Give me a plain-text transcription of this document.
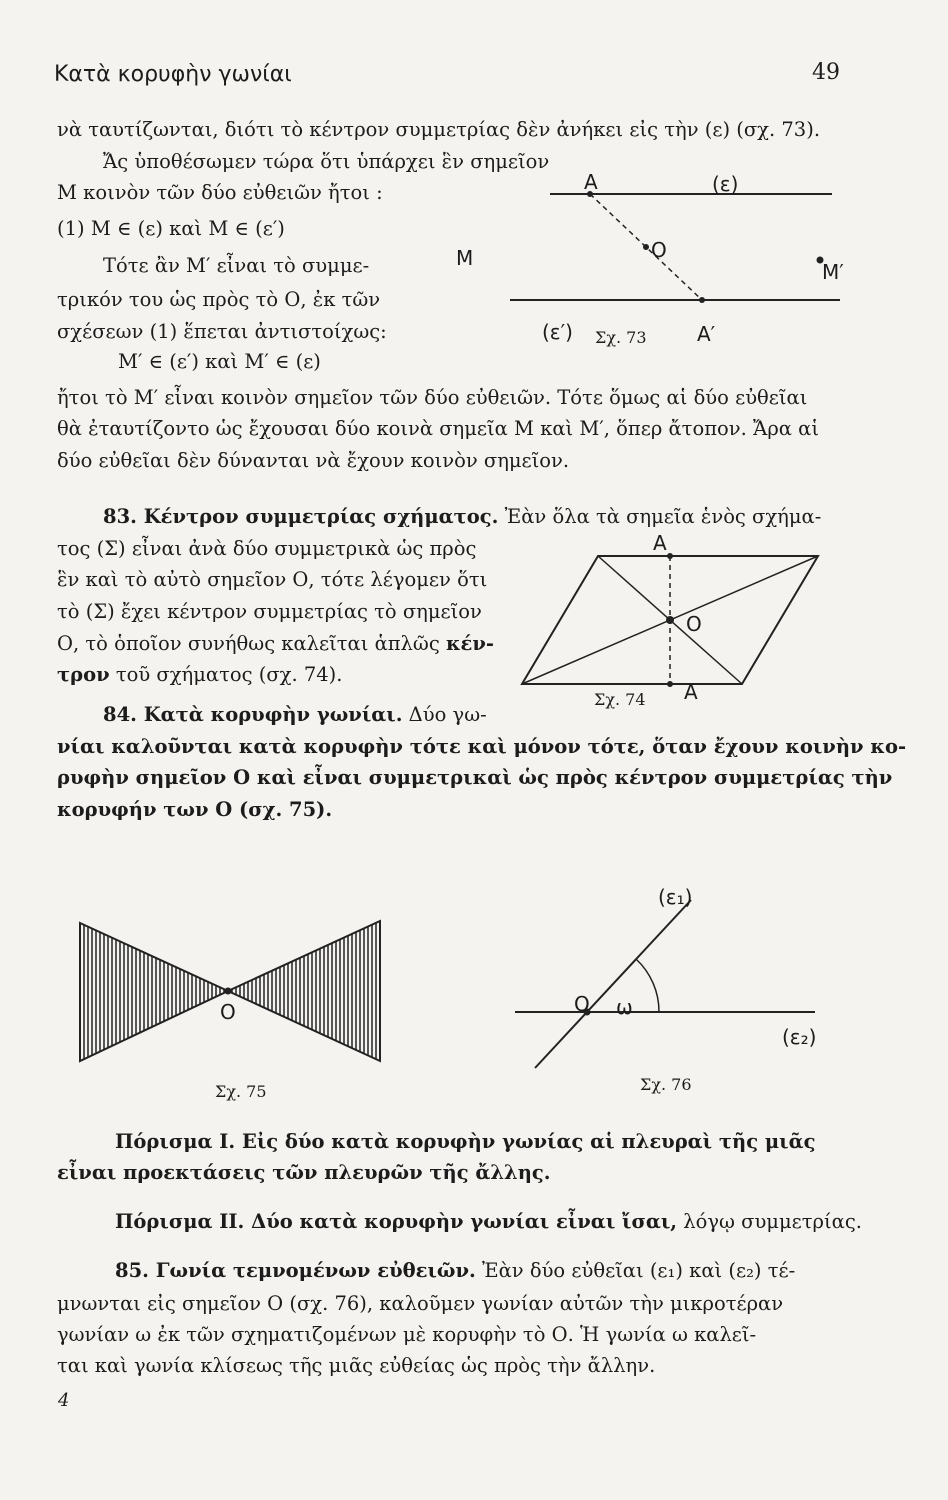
Κατὰ κορυφὴν γωνίαι	49
νὰ ταυτίζωνται, διότι τὸ κέντρον συμμετρίας δὲν ἀνήκει εἰς τὴν (ε) (σχ. 73).
Ἄς ὑποθέσωμεν τώρα ὅτι ὑπάρχει ἓν σημεῖον
Μ κοινὸν τῶν δύο εὐθειῶν ἤτοι :
(1) Μ ∈ (ε) καὶ Μ ∈ (ε′)
Τότε ἂν Μ′ εἶναι τὸ συμμε-
τρικόν του ὡς πρὸς τὸ Ο, ἐκ τῶν
σχέσεων (1) ἕπεται ἀντιστοίχως:
Μ′ ∈ (ε′) καὶ Μ′ ∈ (ε)
ἤτοι τὸ Μ′ εἶναι κοινὸν σημεῖον τῶν δύο εὐθειῶν. Τότε ὅμως αἱ δύο εὐθεῖαι
θὰ ἐταυτίζοντο ὡς ἔχουσαι δύο κοινὰ σημεῖα Μ καὶ Μ′, ὅπερ ἄτοπον. Ἄρα αἱ
δύο εὐθεῖαι δὲν δύνανται νὰ ἔχουν κοινὸν σημεῖον.
A	(ε)
M	O
M′
(ε′) Σχ. 73	A′
83. Κέντρον συμμετρίας σχήματος. Ἐὰν ὅλα τὰ σημεῖα ἑνὸς σχήμα-
τος (Σ) εἶναι ἀνὰ δύο συμμετρικὰ ὡς πρὸς
ἓν καὶ τὸ αὐτὸ σημεῖον Ο, τότε λέγομεν ὅτι
τὸ (Σ) ἔχει κέντρον συμμετρίας τὸ σημεῖον
Ο, τὸ ὁποῖον συνήθως καλεῖται ἁπλῶς κέν-
τρον τοῦ σχήματος (σχ. 74).
A
O
Σχ. 74 A
84. Κατὰ κορυφὴν γωνίαι. Δύο γω-
νίαι καλοῦνται κατὰ κορυφὴν τότε καὶ μόνον τότε, ὅταν ἔχουν κοινὴν κο-
ρυφὴν σημεῖον Ο καὶ εἶναι συμμετρικαὶ ὡς πρὸς κέντρον συμμετρίας τὴν
κορυφήν των Ο (σχ. 75).
O
Σχ. 75
(ε₁)
O ω
(ε₂)
Σχ. 76
Πόρισμα Ι. Εἰς δύο κατὰ κορυφὴν γωνίας αἱ πλευραὶ τῆς μιᾶς
εἶναι προεκτάσεις τῶν πλευρῶν τῆς ἄλλης.
Πόρισμα ΙΙ. Δύο κατὰ κορυφὴν γωνίαι εἶναι ἴσαι, λόγῳ συμμετρίας.
85. Γωνία τεμνομένων εὐθειῶν. Ἐὰν δύο εὐθεῖαι (ε₁) καὶ (ε₂) τέ-
μνωνται εἰς σημεῖον Ο (σχ. 76), καλοῦμεν γωνίαν αὐτῶν τὴν μικροτέραν
γωνίαν ω ἐκ τῶν σχηματιζομένων μὲ κορυφὴν τὸ Ο. Ἡ γωνία ω καλεῖ-
ται καὶ γωνία κλίσεως τῆς μιᾶς εὐθείας ὡς πρὸς τὴν ἄλλην.
4
